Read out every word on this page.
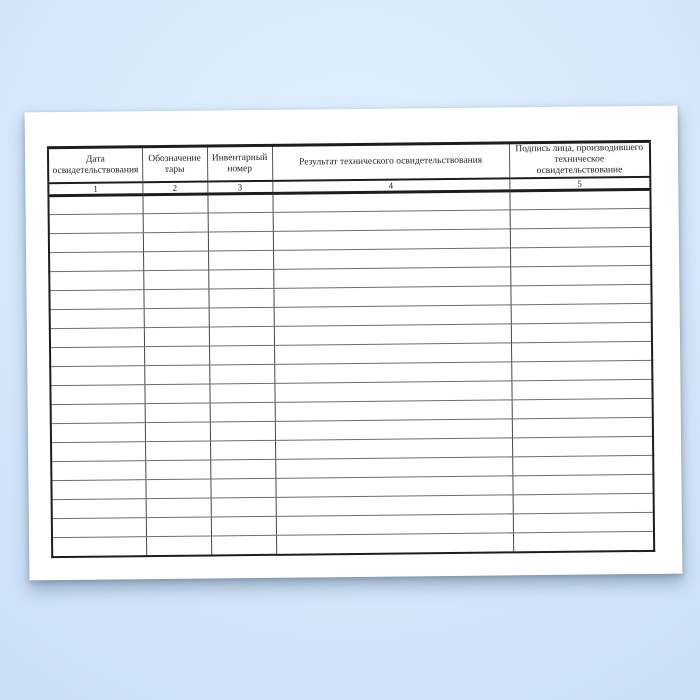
Дата освидетельствования	Обозначение тары	Инвентарный номер	Результат технического освидетельствования	Подпись лица, производившего техническое освидетельствование
1	2	3	4	5
